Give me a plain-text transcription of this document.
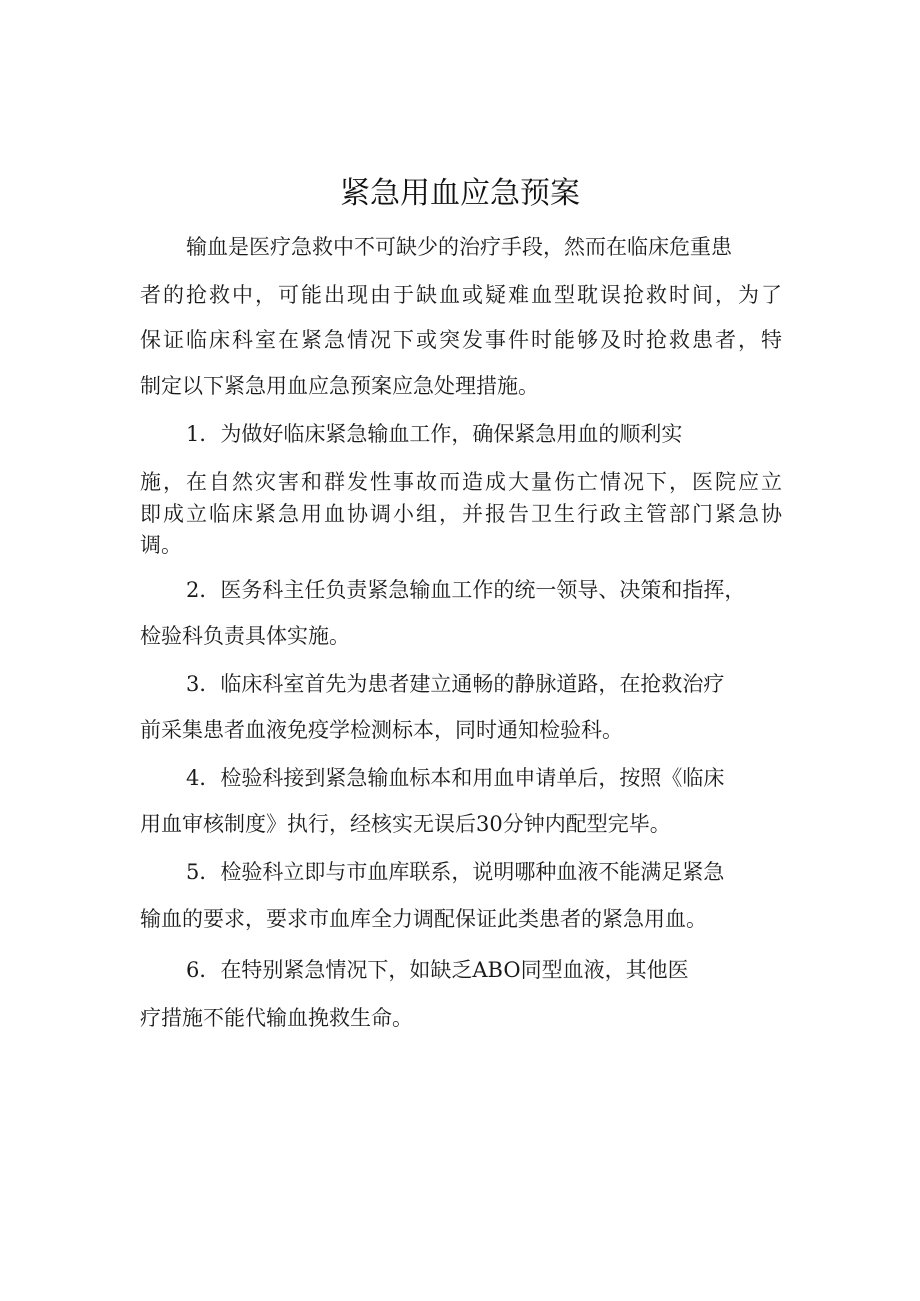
紧急用血应急预案
输血是医疗急救中不可缺少的治疗手段，然而在临床危重患
者的抢救中，可能出现由于缺血或疑难血型耽误抢救时间，为了
保证临床科室在紧急情况下或突发事件时能够及时抢救患者，特
制定以下紧急用血应急预案应急处理措施。
1．为做好临床紧急输血工作，确保紧急用血的顺利实
施，在自然灾害和群发性事故而造成大量伤亡情况下，医院应立
即成立临床紧急用血协调小组，并报告卫生行政主管部门紧急协
调。
2．医务科主任负责紧急输血工作的统一领导、决策和指挥，
检验科负责具体实施。
3．临床科室首先为患者建立通畅的静脉道路，在抢救治疗
前采集患者血液免疫学检测标本，同时通知检验科。
4．检验科接到紧急输血标本和用血申请单后，按照《临床
用血审核制度》执行，经核实无误后30分钟内配型完毕。
5．检验科立即与市血库联系，说明哪种血液不能满足紧急
输血的要求，要求市血库全力调配保证此类患者的紧急用血。
6．在特别紧急情况下，如缺乏ABO同型血液，其他医
疗措施不能代输血挽救生命。
